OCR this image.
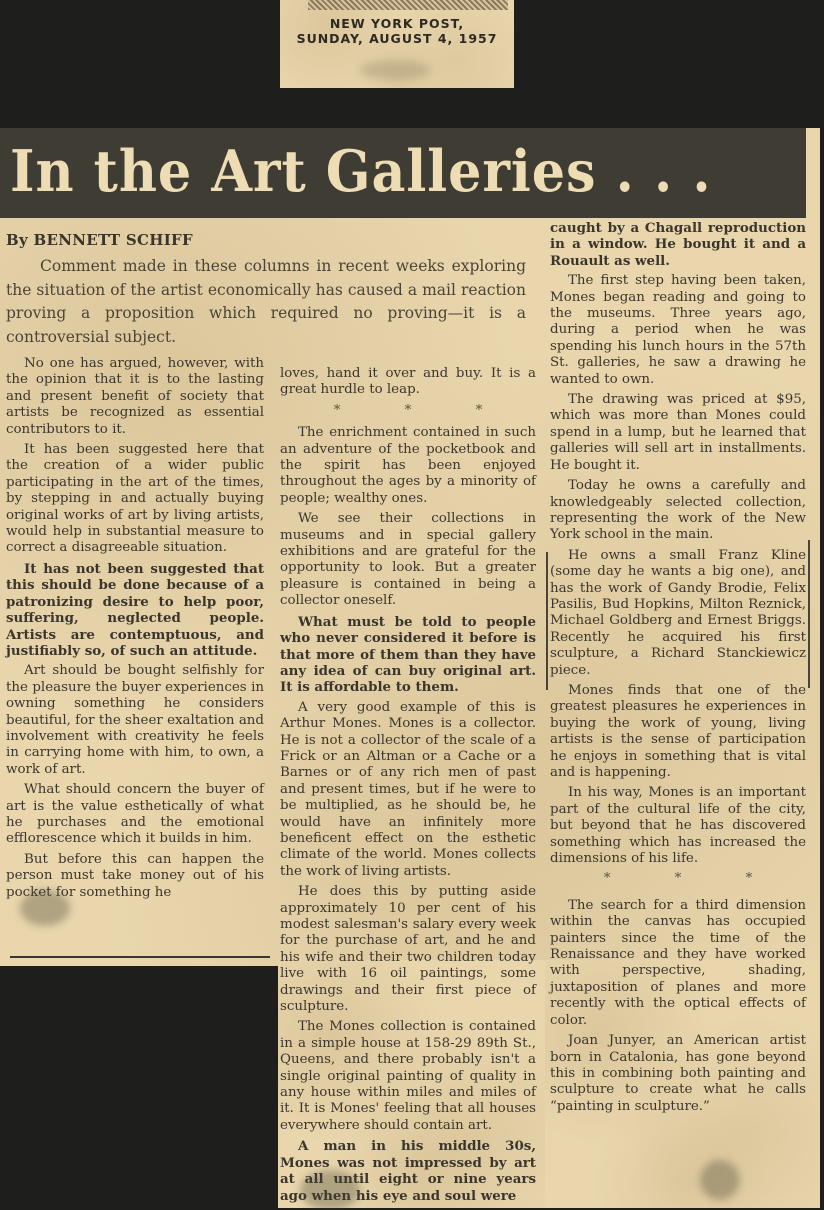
NEW YORK POST,
SUNDAY, AUGUST 4, 1957
In the Art Galleries . . .
By BENNETT SCHIFF

Comment made in these columns in recent weeks exploring the situation of the artist economically has caused a mail reaction proving a proposition which required no proving—it is a controversial subject.

No one has argued, however, with the opinion that it is to the lasting and present benefit of society that artists be recognized as essential contributors to it.

It has been suggested here that the creation of a wider public participating in the art of the times, by stepping in and actually buying original works of art by living artists, would help in substantial measure to correct a disagreeable situation.

It has not been suggested that this should be done because of a patronizing desire to help poor, suffering, neglected people. Artists are contemptuous, and justifiably so, of such an attitude.

Art should be bought selfishly for the pleasure the buyer experiences in owning something he considers beautiful, for the sheer exaltation and involvement with creativity he feels in carrying home with him, to own, a work of art.

What should concern the buyer of art is the value esthetically of what he purchases and the emotional efflorescence which it builds in him.

But before this can happen the person must take money out of his pocket for something he

loves, hand it over and buy. It is a great hurdle to leap.

* * *

The enrichment contained in such an adventure of the pocketbook and the spirit has been enjoyed throughout the ages by a minority of people; wealthy ones.

We see their collections in museums and in special gallery exhibitions and are grateful for the opportunity to look. But a greater pleasure is contained in being a collector oneself.

What must be told to people who never considered it before is that more of them than they have any idea of can buy original art. It is affordable to them.

A very good example of this is Arthur Mones. Mones is a collector. He is not a collector of the scale of a Frick or an Altman or a Cache or a Barnes or of any rich men of past and present times, but if he were to be multiplied, as he should be, he would have an infinitely more beneficent effect on the esthetic climate of the world. Mones collects the work of living artists.

He does this by putting aside approximately 10 per cent of his modest salesman's salary every week for the purchase of art, and he and his wife and their two children today live with 16 oil paintings, some drawings and their first piece of sculpture.

The Mones collection is contained in a simple house at 158-29 89th St., Queens, and there probably isn't a single original painting of quality in any house within miles and miles of it. It is Mones' feeling that all houses everywhere should contain art.

A man in his middle 30s, Mones was not impressed by art at all until eight or nine years ago when his eye and soul were

caught by a Chagall reproduction in a window. He bought it and a Rouault as well.

The first step having been taken, Mones began reading and going to the museums. Three years ago, during a period when he was spending his lunch hours in the 57th St. galleries, he saw a drawing he wanted to own.

The drawing was priced at $95, which was more than Mones could spend in a lump, but he learned that galleries will sell art in installments. He bought it.

Today he owns a carefully and knowledgeably selected collection, representing the work of the New York school in the main.

He owns a small Franz Kline (some day he wants a big one), and has the work of Gandy Brodie, Felix Pasilis, Bud Hopkins, Milton Reznick, Michael Goldberg and Ernest Briggs. Recently he acquired his first sculpture, a Richard Stanckiewicz piece.

Mones finds that one of the greatest pleasures he experiences in buying the work of young, living artists is the sense of participation he enjoys in something that is vital and is happening.

In his way, Mones is an important part of the cultural life of the city, but beyond that he has discovered something which has increased the dimensions of his life.

* * *

The search for a third dimension within the canvas has occupied painters since the time of the Renaissance and they have worked with perspective, shading, juxtaposition of planes and more recently with the optical effects of color.

Joan Junyer, an American artist born in Catalonia, has gone beyond this in combining both painting and sculpture to create what he calls “painting in sculpture.”
